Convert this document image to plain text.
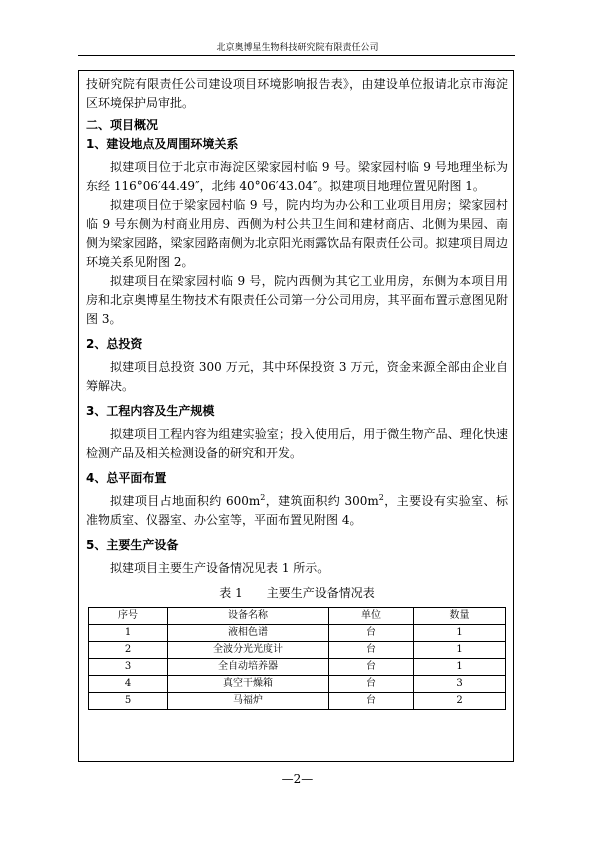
北京奥博星生物科技研究院有限责任公司

技研究院有限责任公司建设项目环境影响报告表》，由建设单位报请北京市海淀区环境保护局审批。

二、项目概况

1、建设地点及周围环境关系

拟建项目位于北京市海淀区梁家园村临 9 号。梁家园村临 9 号地理坐标为东经 116°06′44.49″，北纬 40°06′43.04″。拟建项目地理位置见附图 1。

拟建项目位于梁家园村临 9 号，院内均为办公和工业项目用房；梁家园村临 9 号东侧为村商业用房、西侧为村公共卫生间和建材商店、北侧为果园、南侧为梁家园路，梁家园路南侧为北京阳光雨露饮品有限责任公司。拟建项目周边环境关系见附图 2。

拟建项目在梁家园村临 9 号，院内西侧为其它工业用房，东侧为本项目用房和北京奥博星生物技术有限责任公司第一分公司用房，其平面布置示意图见附图 3。

2、总投资

拟建项目总投资 300 万元，其中环保投资 3 万元，资金来源全部由企业自筹解决。

3、工程内容及生产规模

拟建项目工程内容为组建实验室；投入使用后，用于微生物产品、理化快速检测产品及相关检测设备的研究和开发。

4、总平面布置

拟建项目占地面积约 $600m^2$，建筑面积约 $300m^2$，主要设有实验室、标准物质室、仪器室、办公室等，平面布置见附图 4。

5、主要生产设备

拟建项目主要生产设备情况见表 1 所示。

表 1　　主要生产设备情况表

序号	设备名称	单位	数量
1	液相色谱	台	1
2	全波分光光度计	台	1
3	全自动培养器	台	1
4	真空干燥箱	台	3
5	马福炉	台	2
—2—
